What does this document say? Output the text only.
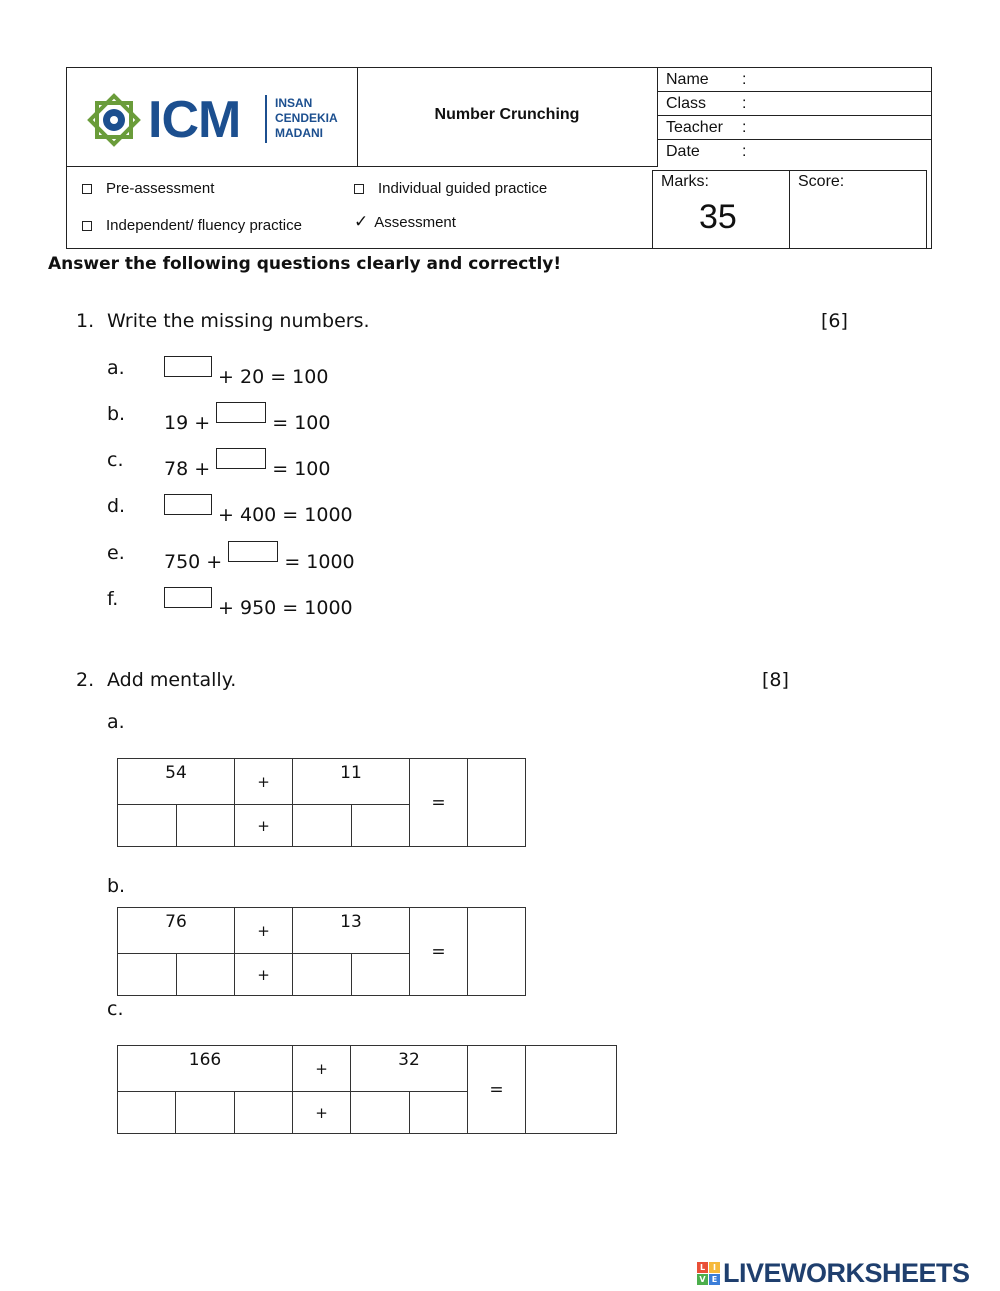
ICM	INSAN
CENDEKIA
MADANI
Number Crunching
Name :
Class :
Teacher :
Date	:
Pre-assessment	Individual guided practice
Independent/ fluency practice	✓ Assessment
Marks:
35
Score:
Answer the following questions clearly and correctly!
1. Write the missing numbers.	[6]
a.	+ 20 = 100
b. 19 +	= 100
c. 78 +	= 100
d.	+ 400 = 1000
e. 750 +	= 1000
f.	+ 950 = 1000
2. Add mentally.	[8]
a.
54		+	11		=	
		+				
b.
76		+	13		=	
		+				
c.
166			+	32		=	
			+				
L I
V E LIVEWORKSHEETS
